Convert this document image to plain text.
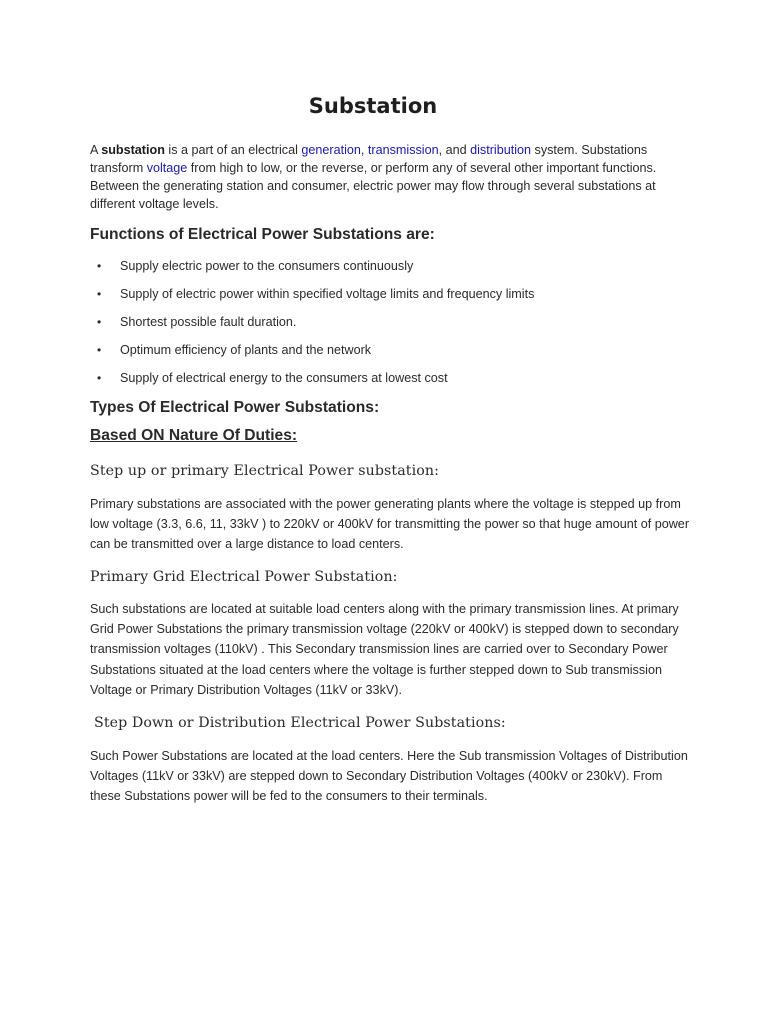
Substation

A substation is a part of an electrical generation, transmission, and distribution system. Substations transform voltage from high to low, or the reverse, or perform any of several other important functions. Between the generating station and consumer, electric power may flow through several substations at different voltage levels.

Functions of Electrical Power Substations are:
• Supply electric power to the consumers continuously
• Supply of electric power within specified voltage limits and frequency limits
• Shortest possible fault duration.
• Optimum efficiency of plants and the network
• Supply of electrical energy to the consumers at lowest cost
Types Of Electrical Power Substations:
Based ON Nature Of Duties:
Step up or primary Electrical Power substation:

Primary substations are associated with the power generating plants where the voltage is stepped up from low voltage (3.3, 6.6, 11, 33kV ) to 220kV or 400kV for transmitting the power so that huge amount of power can be transmitted over a large distance to load centers.

Primary Grid Electrical Power Substation:

Such substations are located at suitable load centers along with the primary transmission lines. At primary Grid Power Substations the primary transmission voltage (220kV or 400kV) is stepped down to secondary transmission voltages (110kV) . This Secondary transmission lines are carried over to Secondary Power Substations situated at the load centers where the voltage is further stepped down to Sub transmission Voltage or Primary Distribution Voltages (11kV or 33kV).

Step Down or Distribution Electrical Power Substations:

Such Power Substations are located at the load centers. Here the Sub transmission Voltages of Distribution Voltages (11kV or 33kV) are stepped down to Secondary Distribution Voltages (400kV or 230kV). From these Substations power will be fed to the consumers to their terminals.
